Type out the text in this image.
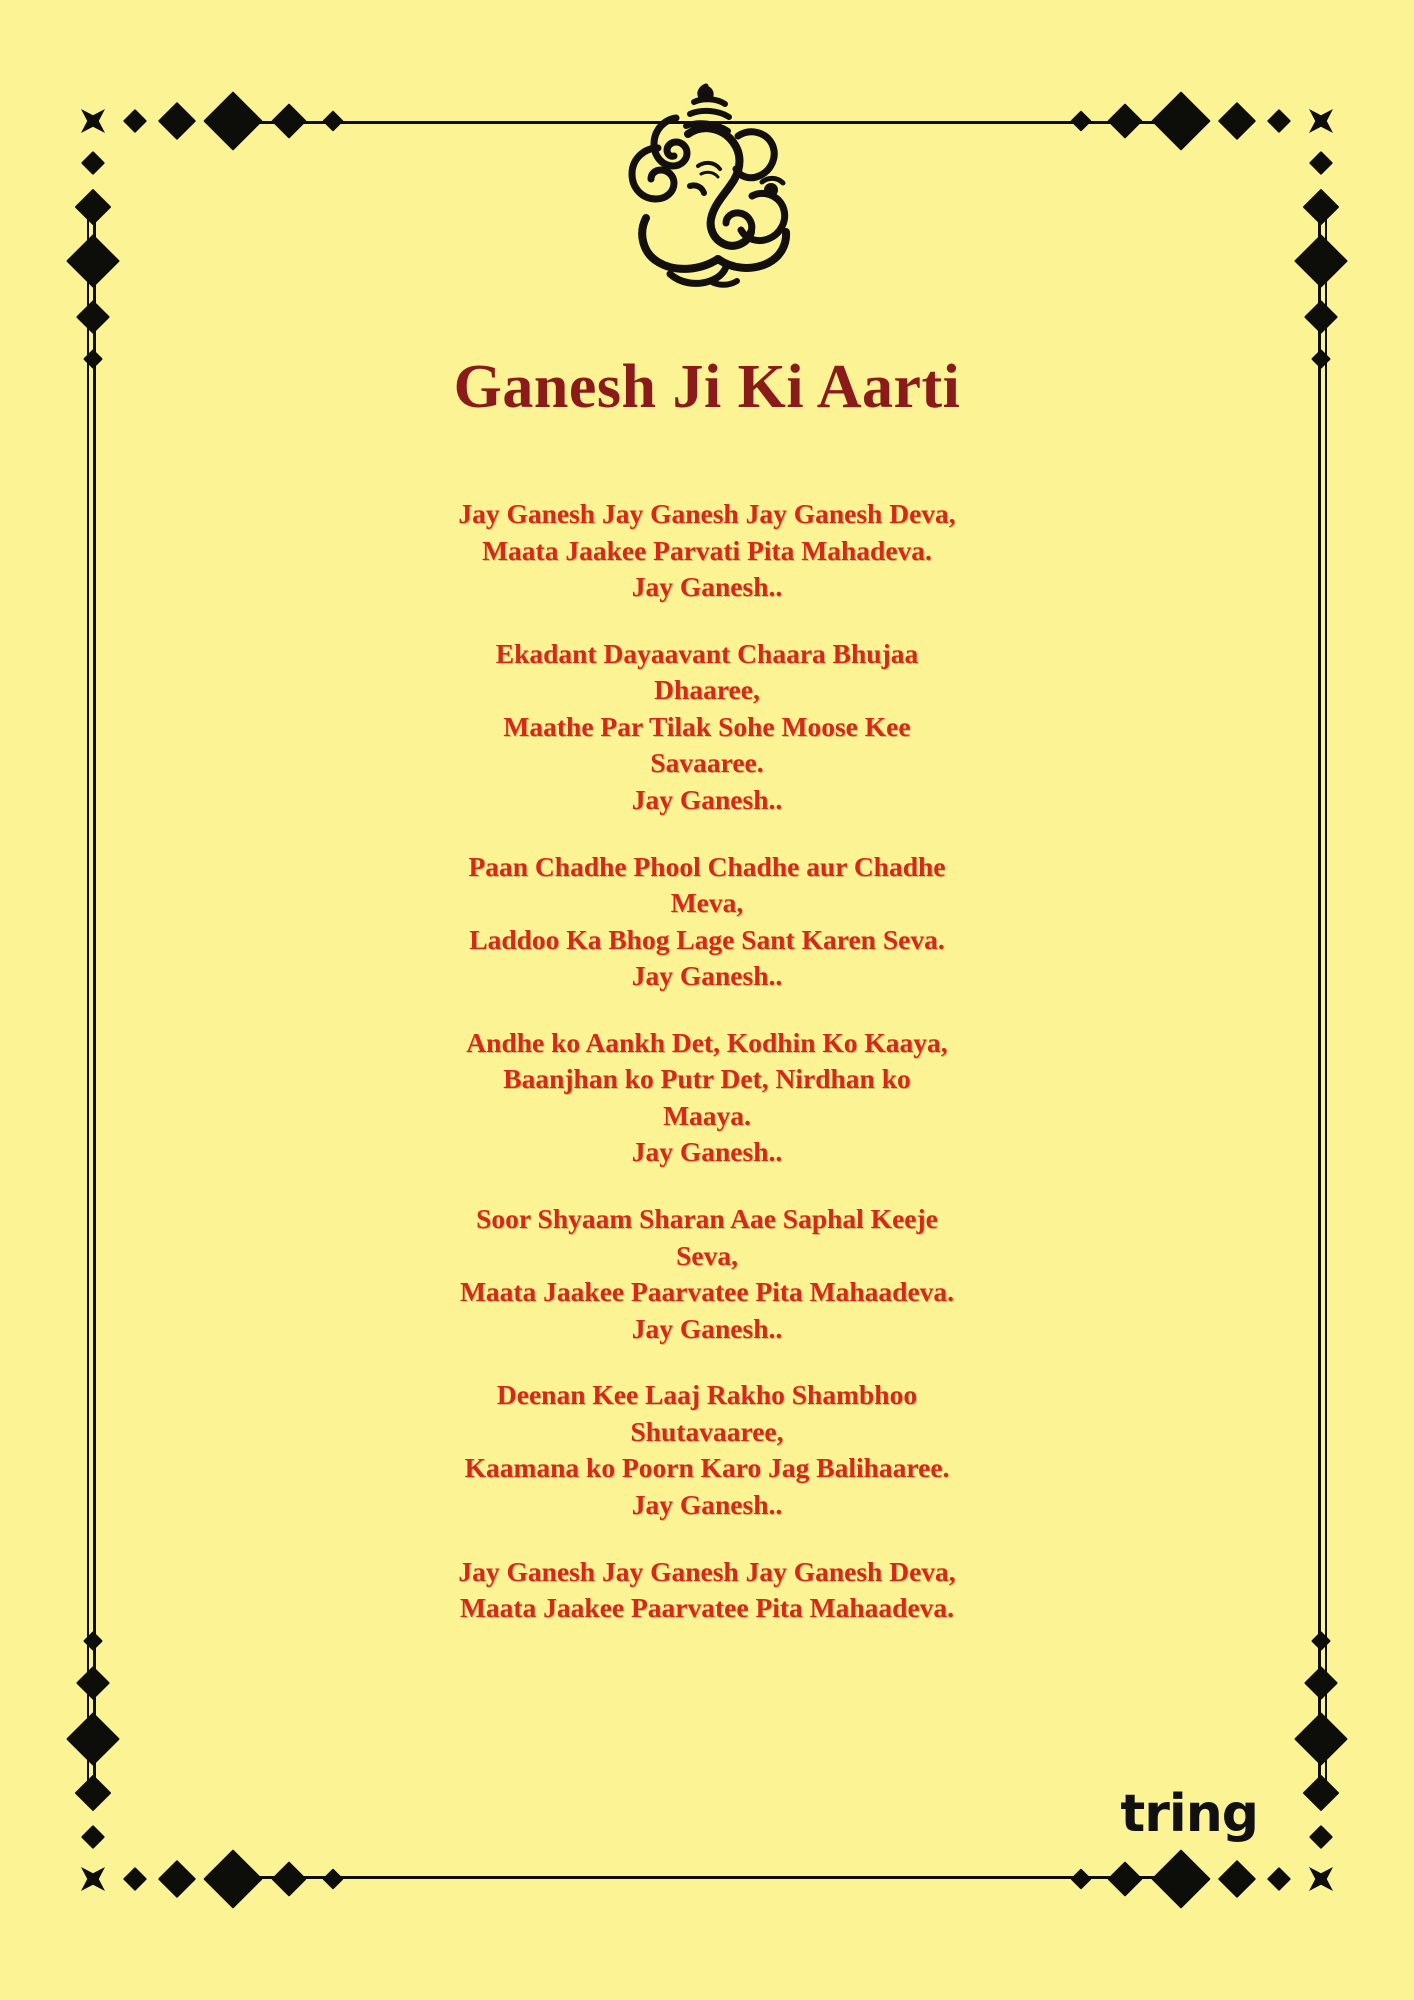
Ganesh Ji Ki Aarti

Jay Ganesh Jay Ganesh Jay Ganesh Deva,
Maata Jaakee Parvati Pita Mahadeva.
Jay Ganesh..

Ekadant Dayaavant Chaara Bhujaa
Dhaaree,
Maathe Par Tilak Sohe Moose Kee
Savaaree.
Jay Ganesh..

Paan Chadhe Phool Chadhe aur Chadhe
Meva,
Laddoo Ka Bhog Lage Sant Karen Seva.
Jay Ganesh..

Andhe ko Aankh Det, Kodhin Ko Kaaya,
Baanjhan ko Putr Det, Nirdhan ko
Maaya.
Jay Ganesh..

Soor Shyaam Sharan Aae Saphal Keeje
Seva,
Maata Jaakee Paarvatee Pita Mahaadeva.
Jay Ganesh..

Deenan Kee Laaj Rakho Shambhoo
Shutavaaree,
Kaamana ko Poorn Karo Jag Balihaaree.
Jay Ganesh..

Jay Ganesh Jay Ganesh Jay Ganesh Deva,
Maata Jaakee Paarvatee Pita Mahaadeva.

tring
